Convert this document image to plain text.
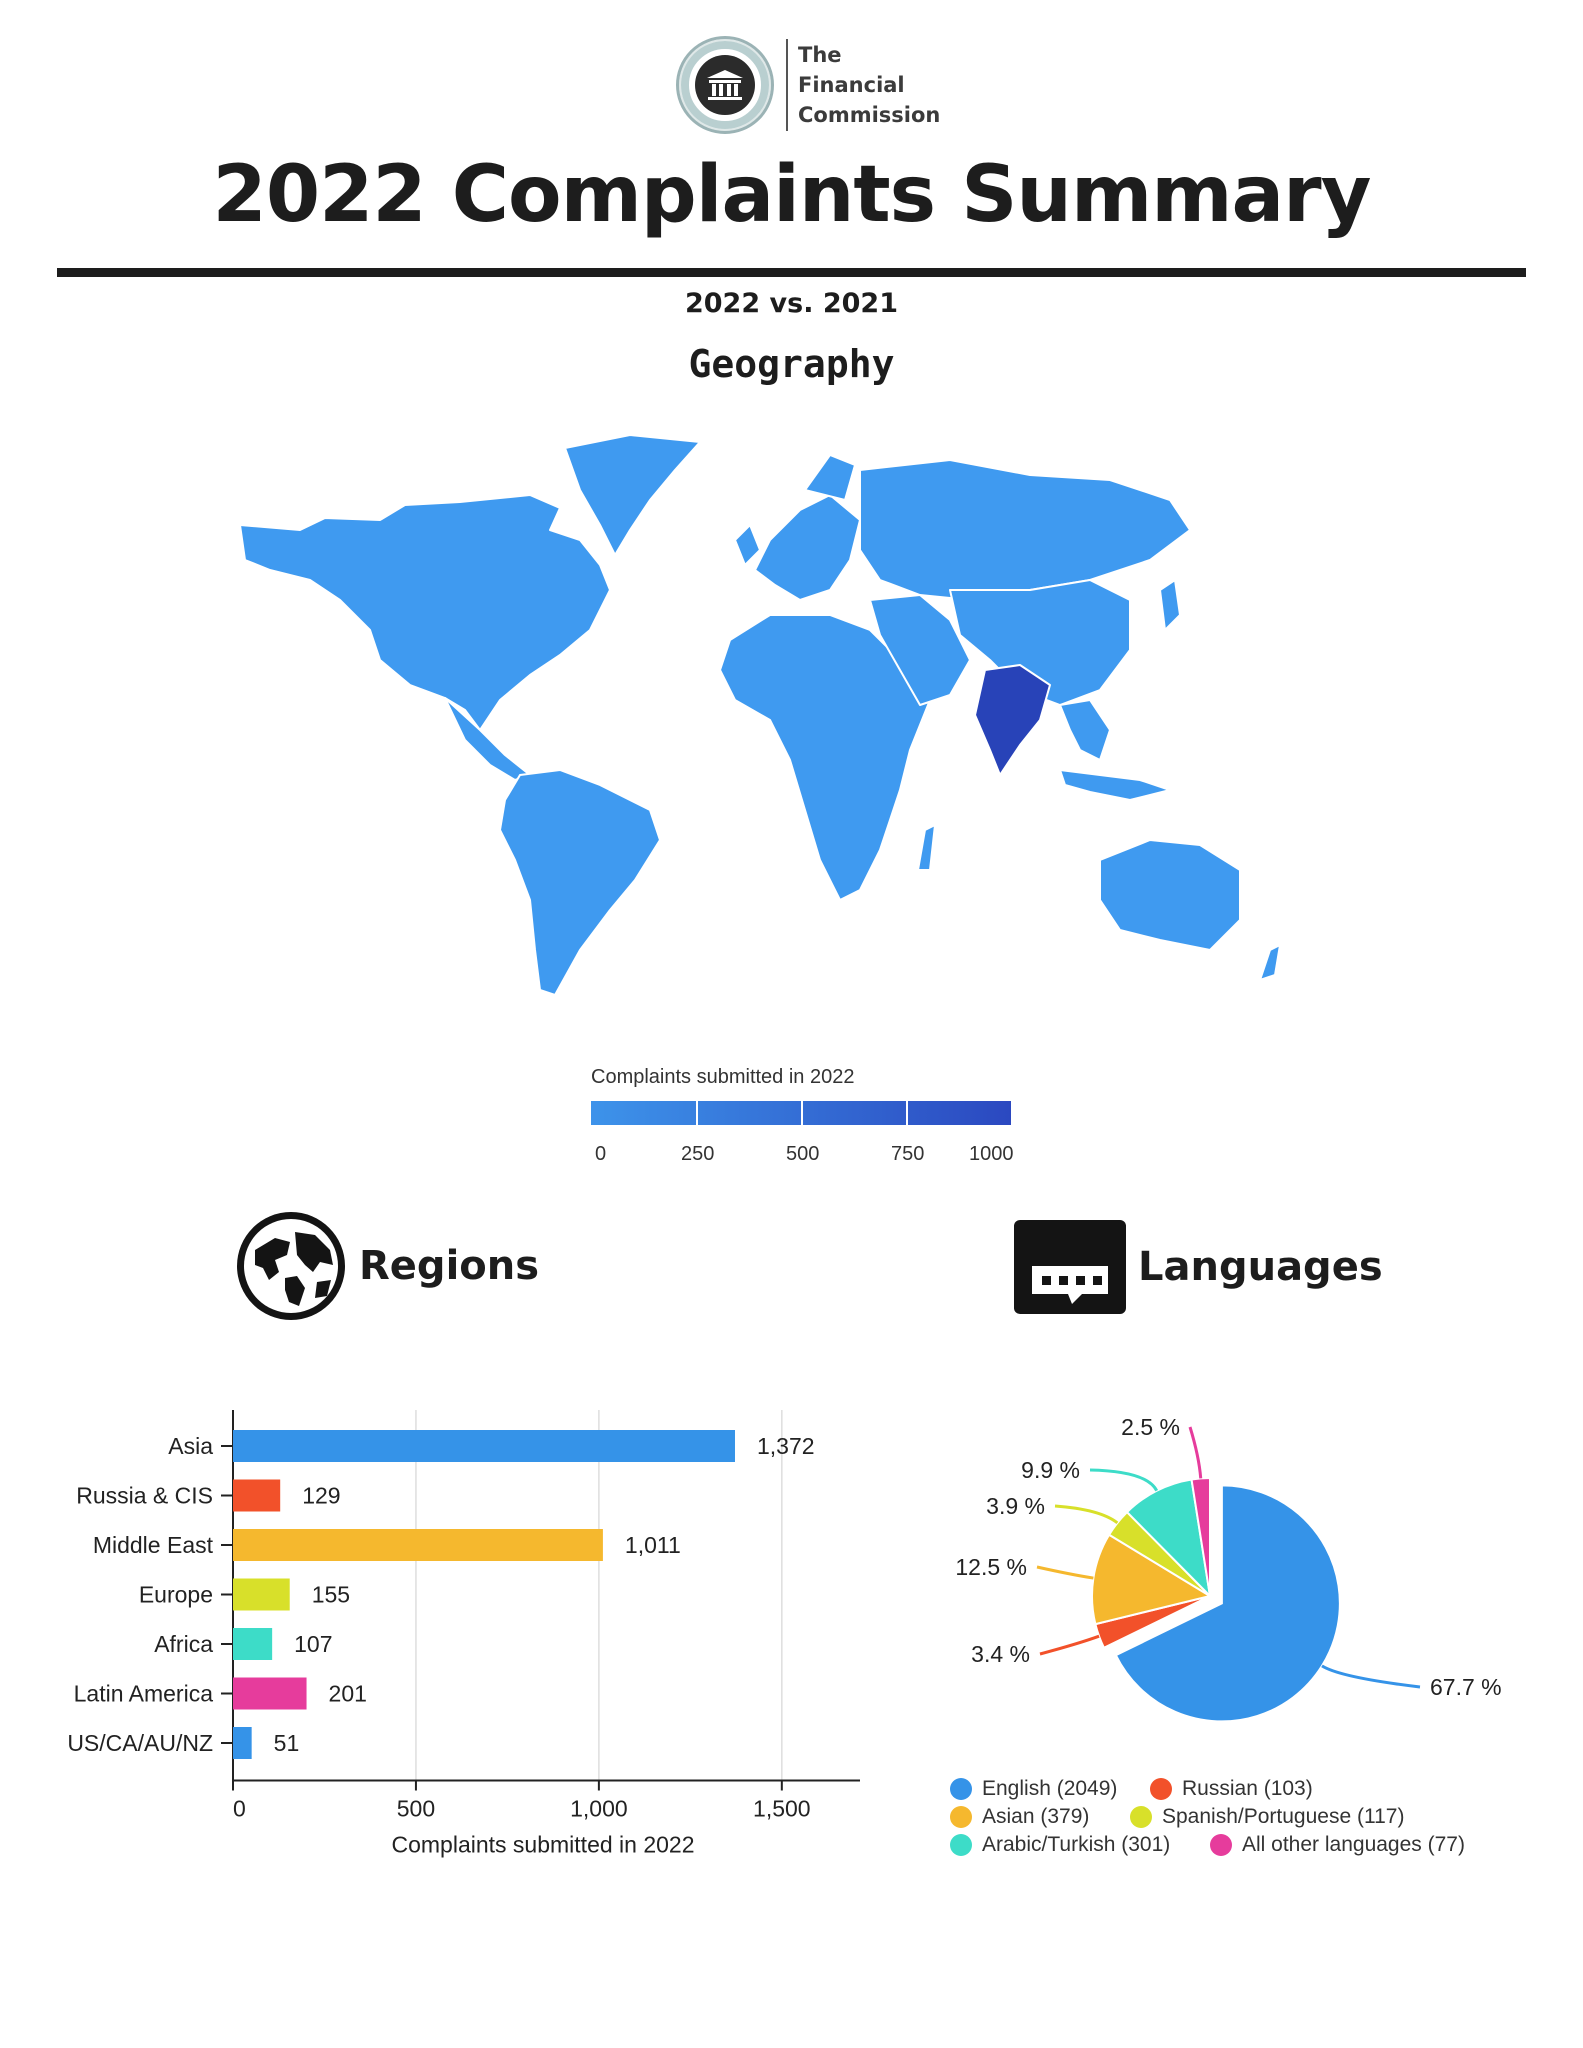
The
Financial
Commission
2022 Complaints Summary
2022 vs. 2021
Geography
Complaints submitted in 2022
0	250	500	750 1000
Regions	Languages
Asia	1,372
Russia & CIS	129
Middle East	1,011
Europe	155
Africa	107
Latin America	201
US/CA/AU/NZ	51
0	500	1,000	1,500
Complaints submitted in 2022
67.7 %
3.4 %
12.5 %
3.9 %
9.9 %
2.5 %
English (2049)	Russian (103)
Asian (379)	Spanish/Portuguese (117)
Arabic/Turkish (301)	All other languages (77)
